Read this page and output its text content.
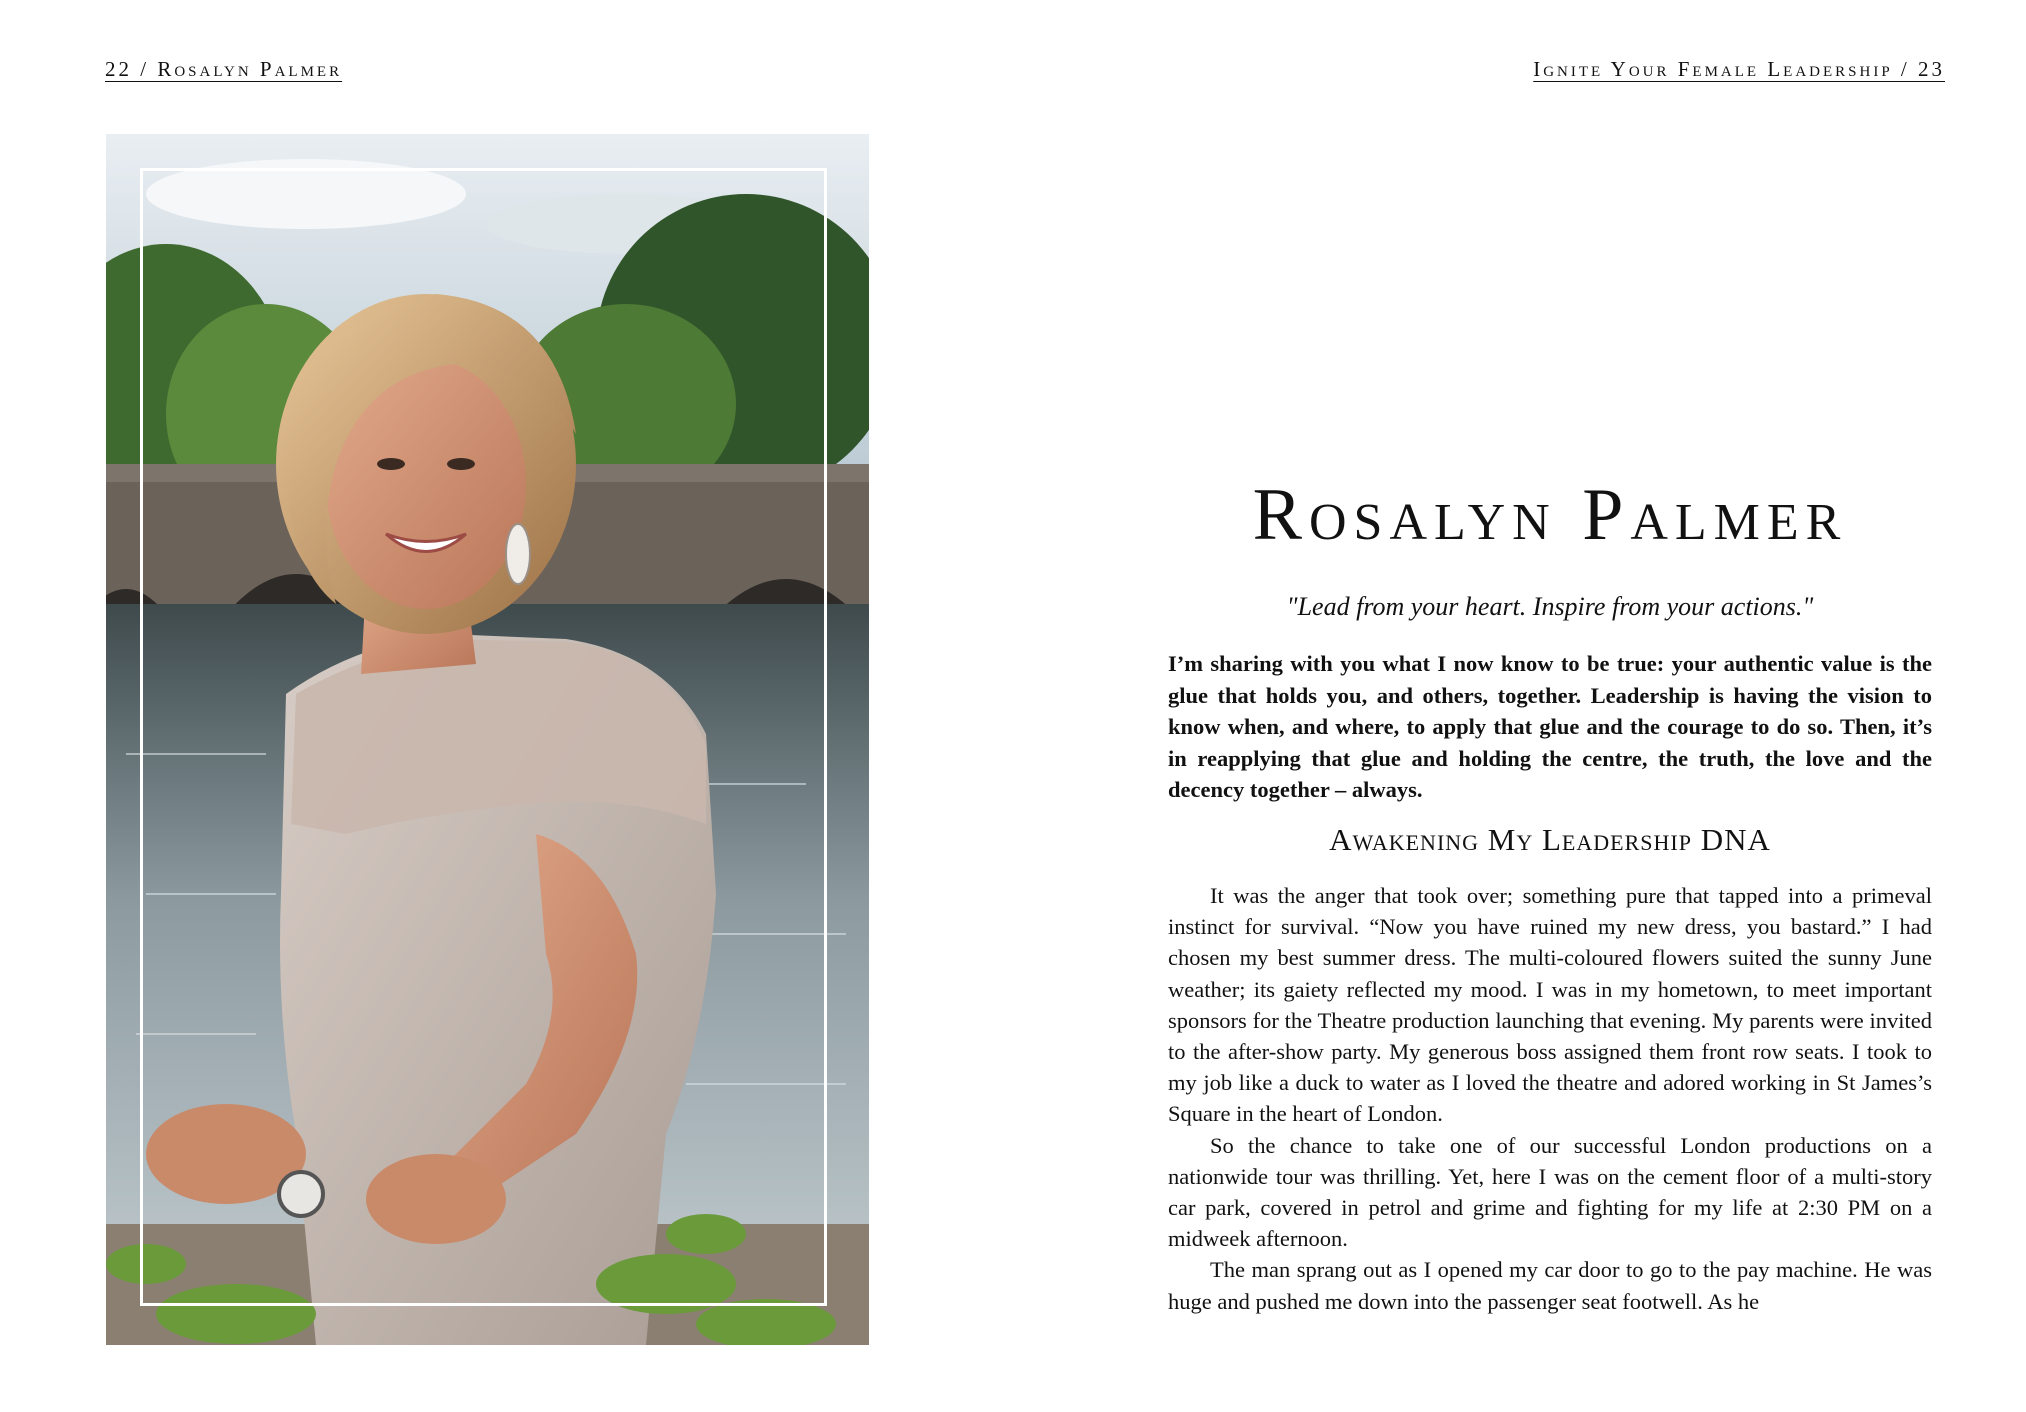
22 / Rosalyn Palmer	Ignite Your Female Leadership / 23
Rosalyn Palmer
"Lead from your heart. Inspire from your actions."

I’m sharing with you what I now know to be true: your authentic value is the glue that holds you, and others, together. Leadership is having the vision to know when, and where, to apply that glue and the courage to do so. Then, it’s in reapplying that glue and holding the centre, the truth, the love and the decency together – always.

Awakening My Leadership DNA

It was the anger that took over; something pure that tapped into a primeval instinct for survival. “Now you have ruined my new dress, you bastard.” I had chosen my best summer dress. The multi-coloured flowers suited the sunny June weather; its gaiety reflected my mood. I was in my hometown, to meet important sponsors for the Theatre production launching that evening. My parents were invited to the after-show party. My generous boss assigned them front row seats. I took to my job like a duck to water as I loved the theatre and adored working in St James’s Square in the heart of London.

So the chance to take one of our successful London productions on a nationwide tour was thrilling. Yet, here I was on the cement floor of a multi-story car park, covered in petrol and grime and fighting for my life at 2:30 PM on a midweek afternoon.

The man sprang out as I opened my car door to go to the pay machine. He was huge and pushed me down into the passenger seat footwell. As he
